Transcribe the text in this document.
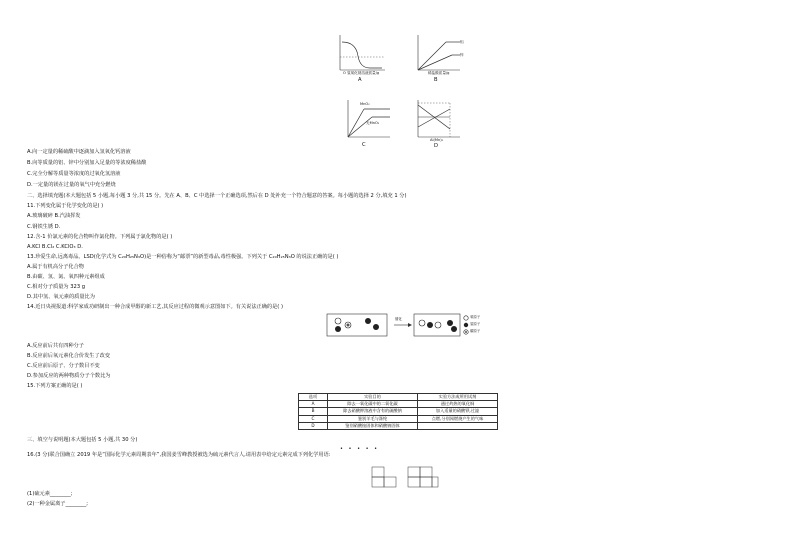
O 氢氧化钠溶液质量/g
A
铝
锌
稀盐酸质量/g
B
MnO₂
无MnO₂
C
Al(Mn)₂
D
A.向一定量的稀硫酸中逐滴加入氢氧化钙溶液
B.向等质量的铝、锌中分别加入足量的等浓度稀盐酸
C.完全分解等质量等浓度的过氧化氢溶液
D.一定量的镁在过量的氧气中充分燃烧
二、选择填充题(本大题包括 5 小题,每小题 3 分,共 15 分。先在 A、B、C 中选择一个正确选项,然后在 D 处补充一个符合题意的答案。每小题的选择 2 分,填充 1 分)
11.下列变化属于化学变化的是( )
A.玻璃破碎 B.汽油挥发
C.钢铁生锈 D.
12.含-1 价氯元素的化合物叫作氯化物。下列属于氯化物的是( )
A.KCl B.Cl₂ C.KClO₃ D.
13.珍爱生命,远离毒品。LSD(化学式为 C₂₀H₂₅N₃O)是一种俗称为“邮票”的新型毒品,毒性极强。下列关于 C₂₀H₂₅N₃O 的说法正确的是( )
A.属于有机高分子化合物
B.由碳、氢、氮、氧四种元素组成
C.相对分子质量为 323 g
D.其中氢、氧元素的质量比为
14.近日央视报道:科学家成功研制出一种合成甲醇的新工艺,其反应过程的微观示意图如下。有关说法正确的是( )
催化	氧原子
氢原子
碳原子
A.反应前后共有四种分子
B.反应前后氧元素化合价发生了改变
C.反应前后原子、分子数目不变
D.参加反应的两种物质分子个数比为
15.下列方案正确的是( )
选项	实验目的	实验方法或所用试剂
A	除去一氧化碳中的二氧化碳	通过灼热的氧化铜
B	除去硝酸钾溶液中含有的硫酸钠	加入适量的硝酸钡,过滤
C	鉴别羊毛与涤纶	点燃,分别闻燃烧产生的气味
D	鉴别硝酸铵固体和硝酸钠固体	
三、填空与说明题(本大题包括 5 小题,共 30 分)
• • • • •
16.(3 分)联合国确立 2019 年是“国际化学元素周期表年”,我国姜雪峰教授被选为硫元素代言人,请用表中给定元素完成下列化学用语:
(1)硫元素________;
(2)一种金属离子________;
